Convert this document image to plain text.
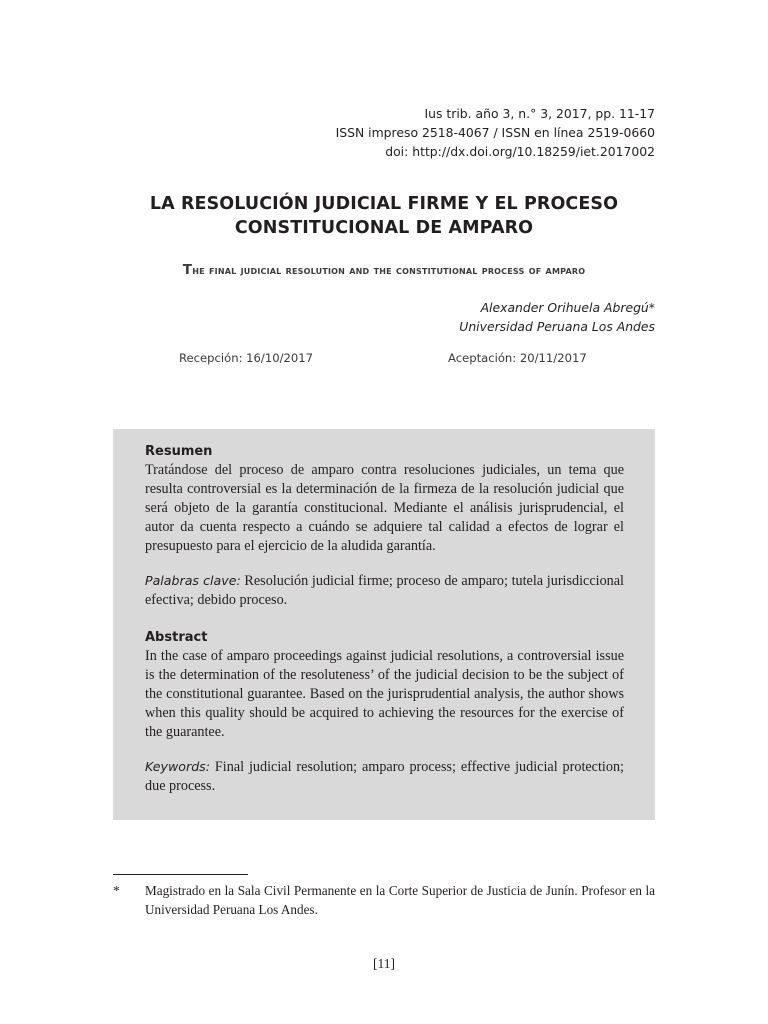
Ius trib. año 3, n.° 3, 2017, pp. 11-17
ISSN impreso 2518-4067 / ISSN en línea 2519-0660
doi: http://dx.doi.org/10.18259/iet.2017002
LA RESOLUCIÓN JUDICIAL FIRME Y EL PROCESO
CONSTITUCIONAL DE AMPARO
The final judicial resolution and the constitutional process of amparo
Alexander Orihuela Abregú*
Universidad Peruana Los Andes
Recepción: 16/10/2017	Aceptación: 20/11/2017

Resumen

Tratándose del proceso de amparo contra resoluciones judiciales, un tema que resulta controversial es la determinación de la firmeza de la resolución judicial que será objeto de la garantía constitucional. Mediante el análisis jurisprudencial, el autor da cuenta respecto a cuándo se adquiere tal calidad a efectos de lograr el presupuesto para el ejercicio de la aludida garantía.

Palabras clave: Resolución judicial firme; proceso de amparo; tutela jurisdiccional efectiva; debido proceso.

Abstract

In the case of amparo proceedings against judicial resolutions, a controversial issue is the determination of the resoluteness’ of the judicial decision to be the subject of the constitutional guarantee. Based on the jurisprudential analysis, the author shows when this quality should be acquired to achieving the resources for the exercise of the guarantee.

Keywords: Final judicial resolution; amparo process; effective judicial protection; due process.

* Magistrado en la Sala Civil Permanente en la Corte Superior de Justicia de Junín. Profesor en la Universidad Peruana Los Andes.
[11]
